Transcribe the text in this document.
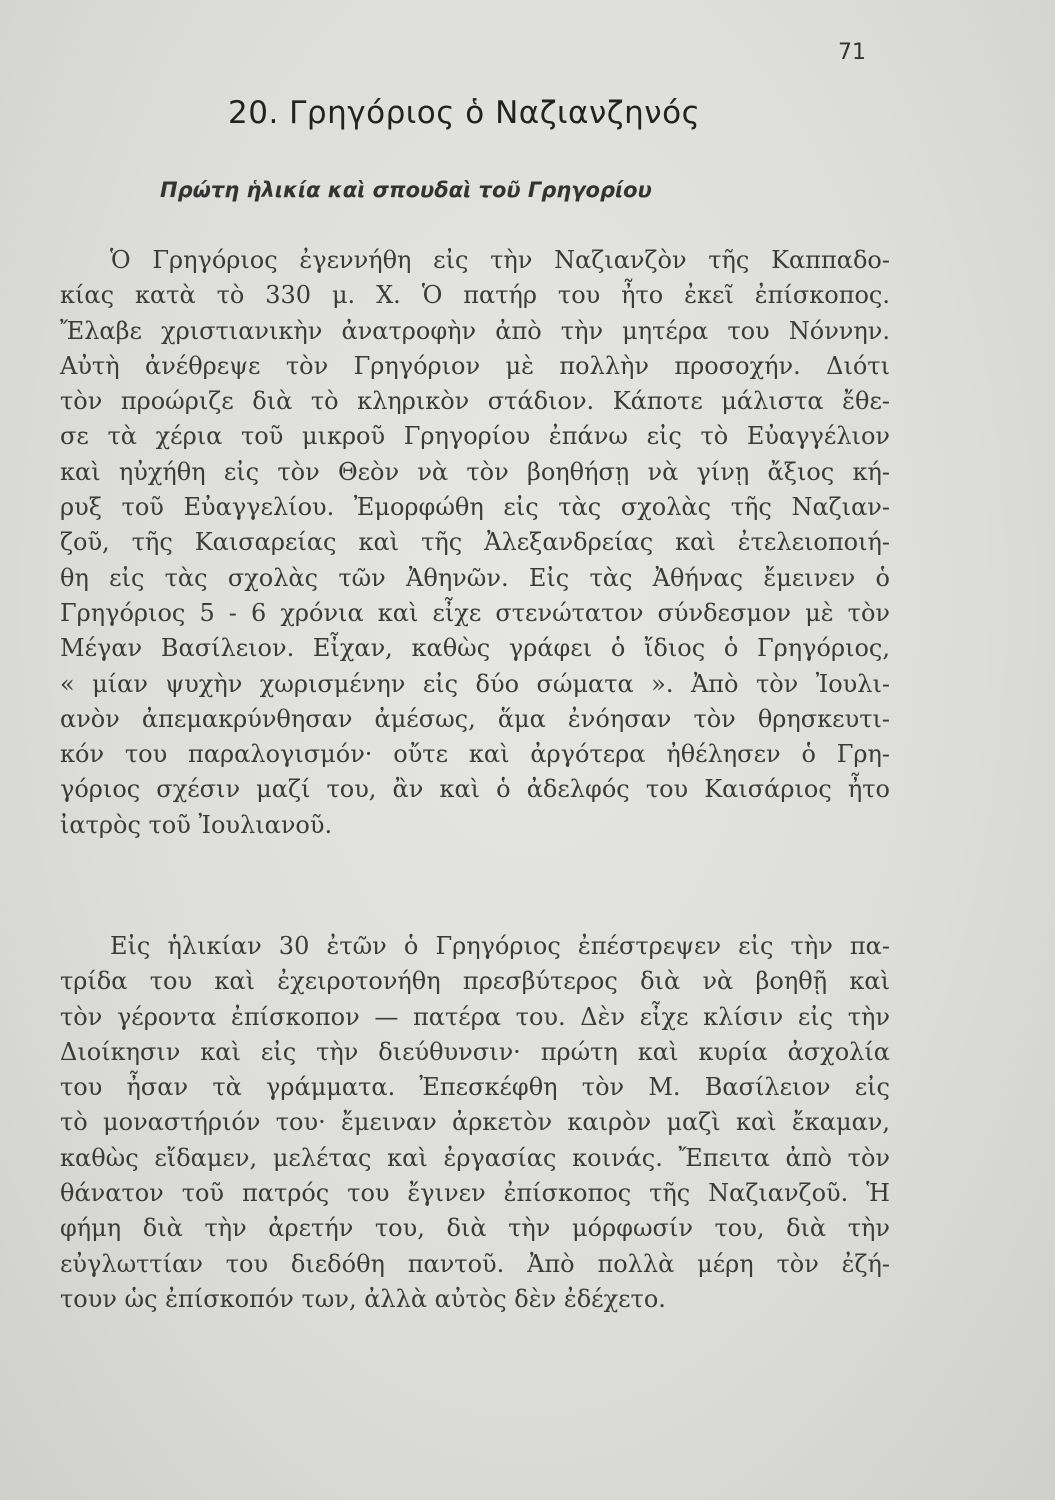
71
20. Γρηγόριος ὁ Ναζιανζηνός
Πρώτη ἡλικία καὶ σπουδαὶ τοῦ Γρηγορίου
Ὁ Γρηγόριος ἐγεννήθη εἰς τὴν Ναζιανζὸν τῆς Καππαδο-
κίας κατὰ τὸ 330 μ. Χ. Ὁ πατήρ του ἦτο ἐκεῖ ἐπίσκοπος.
Ἔλαβε χριστιανικὴν ἀνατροφὴν ἀπὸ τὴν μητέρα του Νόννην.
Αὐτὴ ἀνέθρεψε τὸν Γρηγόριον μὲ πολλὴν προσοχήν. Διότι
τὸν προώριζε διὰ τὸ κληρικὸν στάδιον. Κάποτε μάλιστα ἔθε-
σε τὰ χέρια τοῦ μικροῦ Γρηγορίου ἐπάνω εἰς τὸ Εὐαγγέλιον
καὶ ηὐχήθη εἰς τὸν Θεὸν νὰ τὸν βοηθήσῃ νὰ γίνῃ ἄξιος κή-
ρυξ τοῦ Εὐαγγελίου. Ἐμορφώθη εἰς τὰς σχολὰς τῆς Ναζιαν-
ζοῦ, τῆς Καισαρείας καὶ τῆς Ἀλεξανδρείας καὶ ἐτελειοποιή-
θη εἰς τὰς σχολὰς τῶν Ἀθηνῶν. Εἰς τὰς Ἀθήνας ἔμεινεν ὁ
Γρηγόριος 5 - 6 χρόνια καὶ εἶχε στενώτατον σύνδεσμον μὲ τὸν
Μέγαν Βασίλειον. Εἶχαν, καθὼς γράφει ὁ ἴδιος ὁ Γρηγόριος,
« μίαν ψυχὴν χωρισμένην εἰς δύο σώματα ». Ἀπὸ τὸν Ἰουλι-
ανὸν ἀπεμακρύνθησαν ἀμέσως, ἅμα ἐνόησαν τὸν θρησκευτι-
κόν του παραλογισμόν· οὔτε καὶ ἀργότερα ἠθέλησεν ὁ Γρη-
γόριος σχέσιν μαζί του, ἂν καὶ ὁ ἀδελφός του Καισάριος ἦτο
ἰατρὸς τοῦ Ἰουλιανοῦ.
Εἰς ἡλικίαν 30 ἐτῶν ὁ Γρηγόριος ἐπέστρεψεν εἰς τὴν πα-
τρίδα του καὶ ἐχειροτονήθη πρεσβύτερος διὰ νὰ βοηθῇ καὶ
τὸν γέροντα ἐπίσκοπον — πατέρα του. Δὲν εἶχε κλίσιν εἰς τὴν
Διοίκησιν καὶ εἰς τὴν διεύθυνσιν· πρώτη καὶ κυρία ἀσχολία
του ἦσαν τὰ γράμματα. Ἐπεσκέφθη τὸν Μ. Βασίλειον εἰς
τὸ μοναστήριόν του· ἔμειναν ἀρκετὸν καιρὸν μαζὶ καὶ ἔκαμαν,
καθὼς εἴδαμεν, μελέτας καὶ ἐργασίας κοινάς. Ἔπειτα ἀπὸ τὸν
θάνατον τοῦ πατρός του ἔγινεν ἐπίσκοπος τῆς Ναζιανζοῦ. Ἡ
φήμη διὰ τὴν ἀρετήν του, διὰ τὴν μόρφωσίν του, διὰ τὴν
εὐγλωττίαν του διεδόθη παντοῦ. Ἀπὸ πολλὰ μέρη τὸν ἐζή-
τουν ὡς ἐπίσκοπόν των, ἀλλὰ αὐτὸς δὲν ἐδέχετο.
